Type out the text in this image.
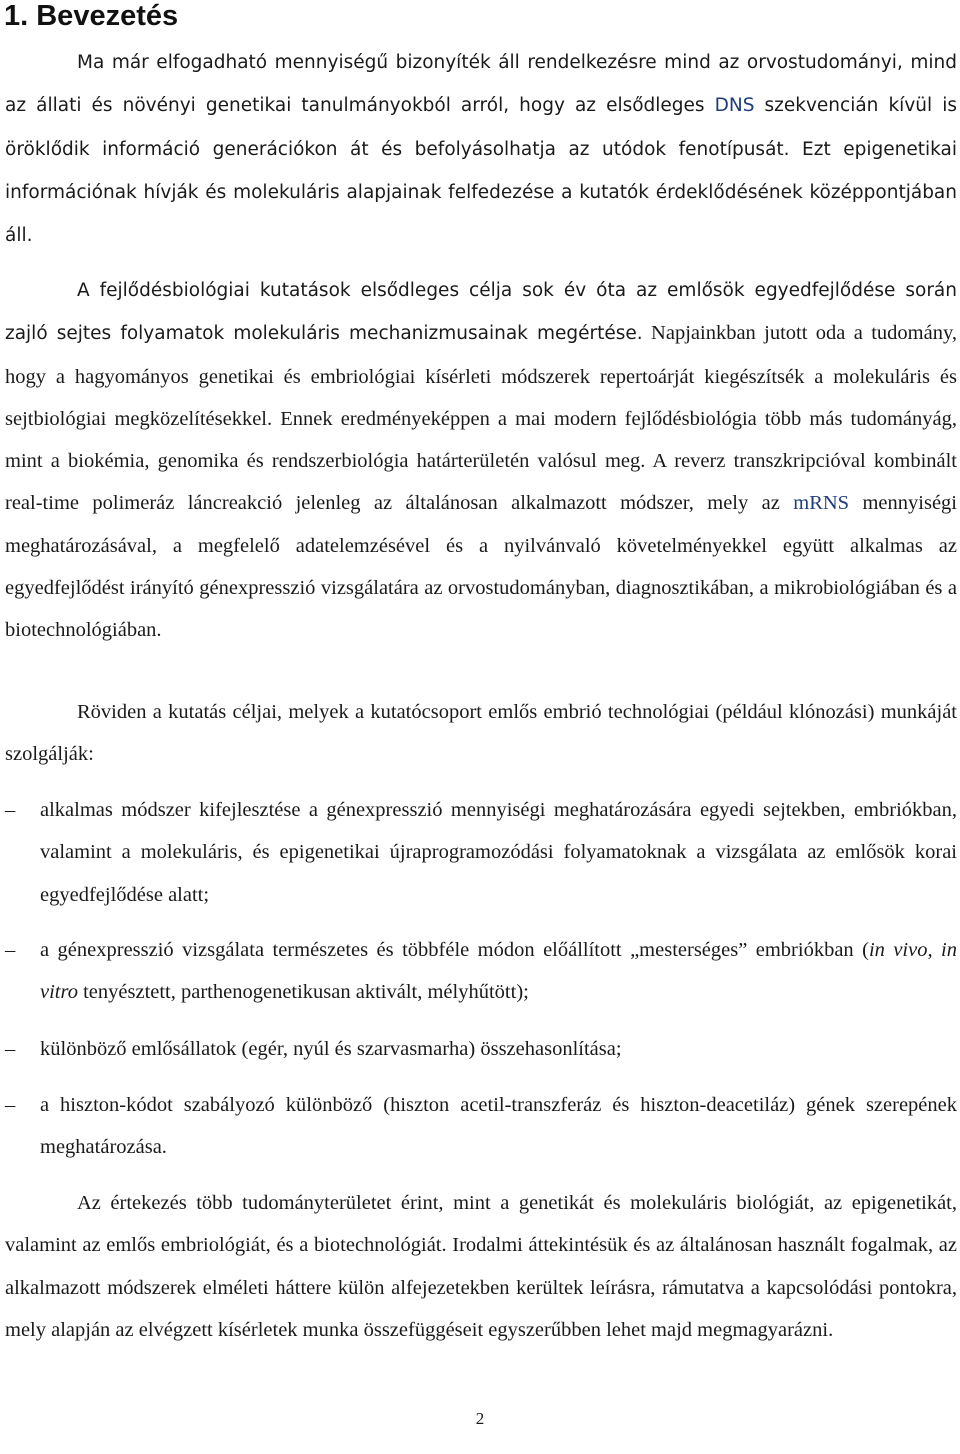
1. Bevezetés

Ma már elfogadható mennyiségű bizonyíték áll rendelkezésre mind az orvostudományi, mind az állati és növényi genetikai tanulmányokból arról, hogy az elsődleges DNS szekvencián kívül is öröklődik információ generációkon át és befolyásolhatja az utódok fenotípusát. Ezt epigenetikai információnak hívják és molekuláris alapjainak felfedezése a kutatók érdeklődésének középpontjában áll.

A fejlődésbiológiai kutatások elsődleges célja sok év óta az emlősök egyedfejlődése során zajló sejtes folyamatok molekuláris mechanizmusainak megértése. Napjainkban jutott oda a tudomány, hogy a hagyományos genetikai és embriológiai kísérleti módszerek repertoárját kiegészítsék a molekuláris és sejtbiológiai megközelítésekkel. Ennek eredményeképpen a mai modern fejlődésbiológia több más tudományág, mint a biokémia, genomika és rendszerbiológia határterületén valósul meg. A reverz transzkripcióval kombinált real-time polimeráz láncreakció jelenleg az általánosan alkalmazott módszer, mely az mRNS mennyiségi meghatározásával, a megfelelő adatelemzésével és a nyilvánvaló követelményekkel együtt alkalmas az egyedfejlődést irányító génexpresszió vizsgálatára az orvostudományban, diagnosztikában, a mikrobiológiában és a biotechnológiában.

Röviden a kutatás céljai, melyek a kutatócsoport emlős embrió technológiai (például klónozási) munkáját szolgálják:

– alkalmas módszer kifejlesztése a génexpresszió mennyiségi meghatározására egyedi sejtekben, embriókban, valamint a molekuláris, és epigenetikai újraprogramozódási folyamatoknak a vizsgálata az emlősök korai egyedfejlődése alatt;

– a génexpresszió vizsgálata természetes és többféle módon előállított „mesterséges” embriókban (in vivo, in vitro tenyésztett, parthenogenetikusan aktivált, mélyhűtött);

– különböző emlősállatok (egér, nyúl és szarvasmarha) összehasonlítása;

– a hiszton-kódot szabályozó különböző (hiszton acetil-transzferáz és hiszton-deacetiláz) gének szerepének meghatározása.

Az értekezés több tudományterületet érint, mint a genetikát és molekuláris biológiát, az epigenetikát, valamint az emlős embriológiát, és a biotechnológiát. Irodalmi áttekintésük és az általánosan használt fogalmak, az alkalmazott módszerek elméleti háttere külön alfejezetekben kerültek leírásra, rámutatva a kapcsolódási pontokra, mely alapján az elvégzett kísérletek munka összefüggéseit egyszerűbben lehet majd megmagyarázni.

2
